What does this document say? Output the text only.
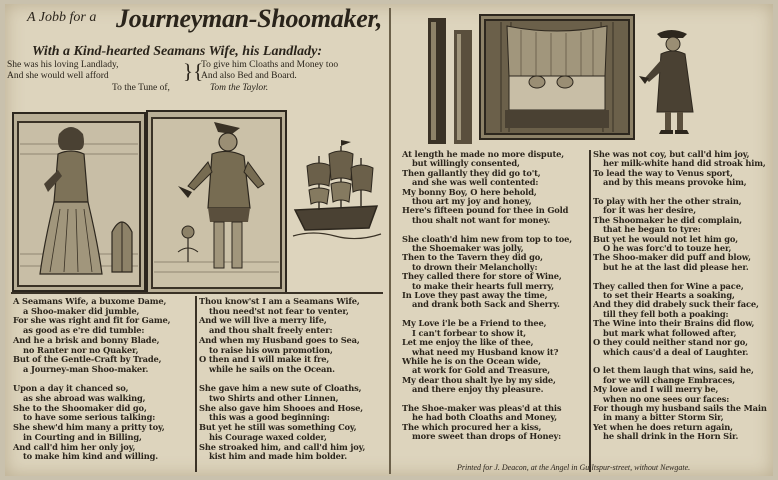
A Jobb for a Journeyman-Shoomaker,
With a Kind-hearted Seamans Wife, his Landlady:
She was his loving Landlady,
And she would well afford	}{
To give him Cloaths and Money too
And also Bed and Board.
To the Tune of,	Tom the Taylor.
A Seamans Wife, a buxome Dame,
a Shoo-maker did jumble,
For she was right and fit for Game,
as good as e're did tumble:
And he a brisk and bonny Blade,
no Ranter nor no Quaker,
But of the Gentle-Craft by Trade,
a Journey-man Shoo-maker.
Upon a day it chanced so,
as she abroad was walking,
She to the Shoomaker did go,
to have some serious talking:
She shew'd him many a pritty toy,
in Courting and in Billing,
And call'd him her only joy,
to make him kind and willing.
Thou know'st I am a Seamans Wife,
thou need'st not fear to venter,
And we will live a merry life,
and thou shalt freely enter:
And when my Husband goes to Sea,
to raise his own promotion,
O then and I will make it fre,
while he sails on the Ocean.
She gave him a new sute of Cloaths,
two Shirts and other Linnen,
She also gave him Shooes and Hose,
this was a good beginning:
But yet he still was something Coy,
his Courage waxed colder,
She stroaked him, and call'd him joy,
kist him and made him bolder.
At length he made no more dispute,
but willingly consented,
Then gallantly they did go to't,
and she was well contented:
My bonny Boy, O here behold,
thou art my joy and honey,
Here's fifteen pound for thee in Gold
thou shalt not want for money.
She cloath'd him new from top to toe,
the Shoemaker was jolly,
Then to the Tavern they did go,
to drown their Melancholly:
They called there for store of Wine,
to make their hearts full merry,
In Love they past away the time,
and drank both Sack and Sherry.
My Love i'le be a Friend to thee,
I can't forbear to show it,
Let me enjoy the like of thee,
what need my Husband know it?
While he is on the Ocean wide,
at work for Gold and Treasure,
My dear thou shalt lye by my side,
and there enjoy thy pleasure.
The Shoe-maker was pleas'd at this
he had both Cloaths and Money,
The which procured her a kiss,
more sweet than drops of Honey:
She was not coy, but call'd him joy,
her milk-white hand did stroak him,
To lead the way to Venus sport,
and by this means provoke him,
To play with her the other strain,
for it was her desire,
The Shoomaker he did complain,
that he began to tyre:
But yet he would not let him go,
O he was forc'd to touze her,
The Shoo-maker did puff and blow,
but he at the last did please her.
They called then for Wine a pace,
to set their Hearts a soaking,
And they did drabely suck their face,
till they fell both a poaking:
The Wine into their Brains did flow,
but mark what followed after,
O they could neither stand nor go,
which caus'd a deal of Laughter.
O let them laugh that wins, said he,
for we will change Embraces,
My love and I will merry be,
when no one sees our faces:
For though my husband sails the Main
in many a bitter Storm Sir,
Yet when he does return again,
he shall drink in the Horn Sir.
Printed for J. Deacon, at the Angel in Guiltspur-street, without Newgate.
